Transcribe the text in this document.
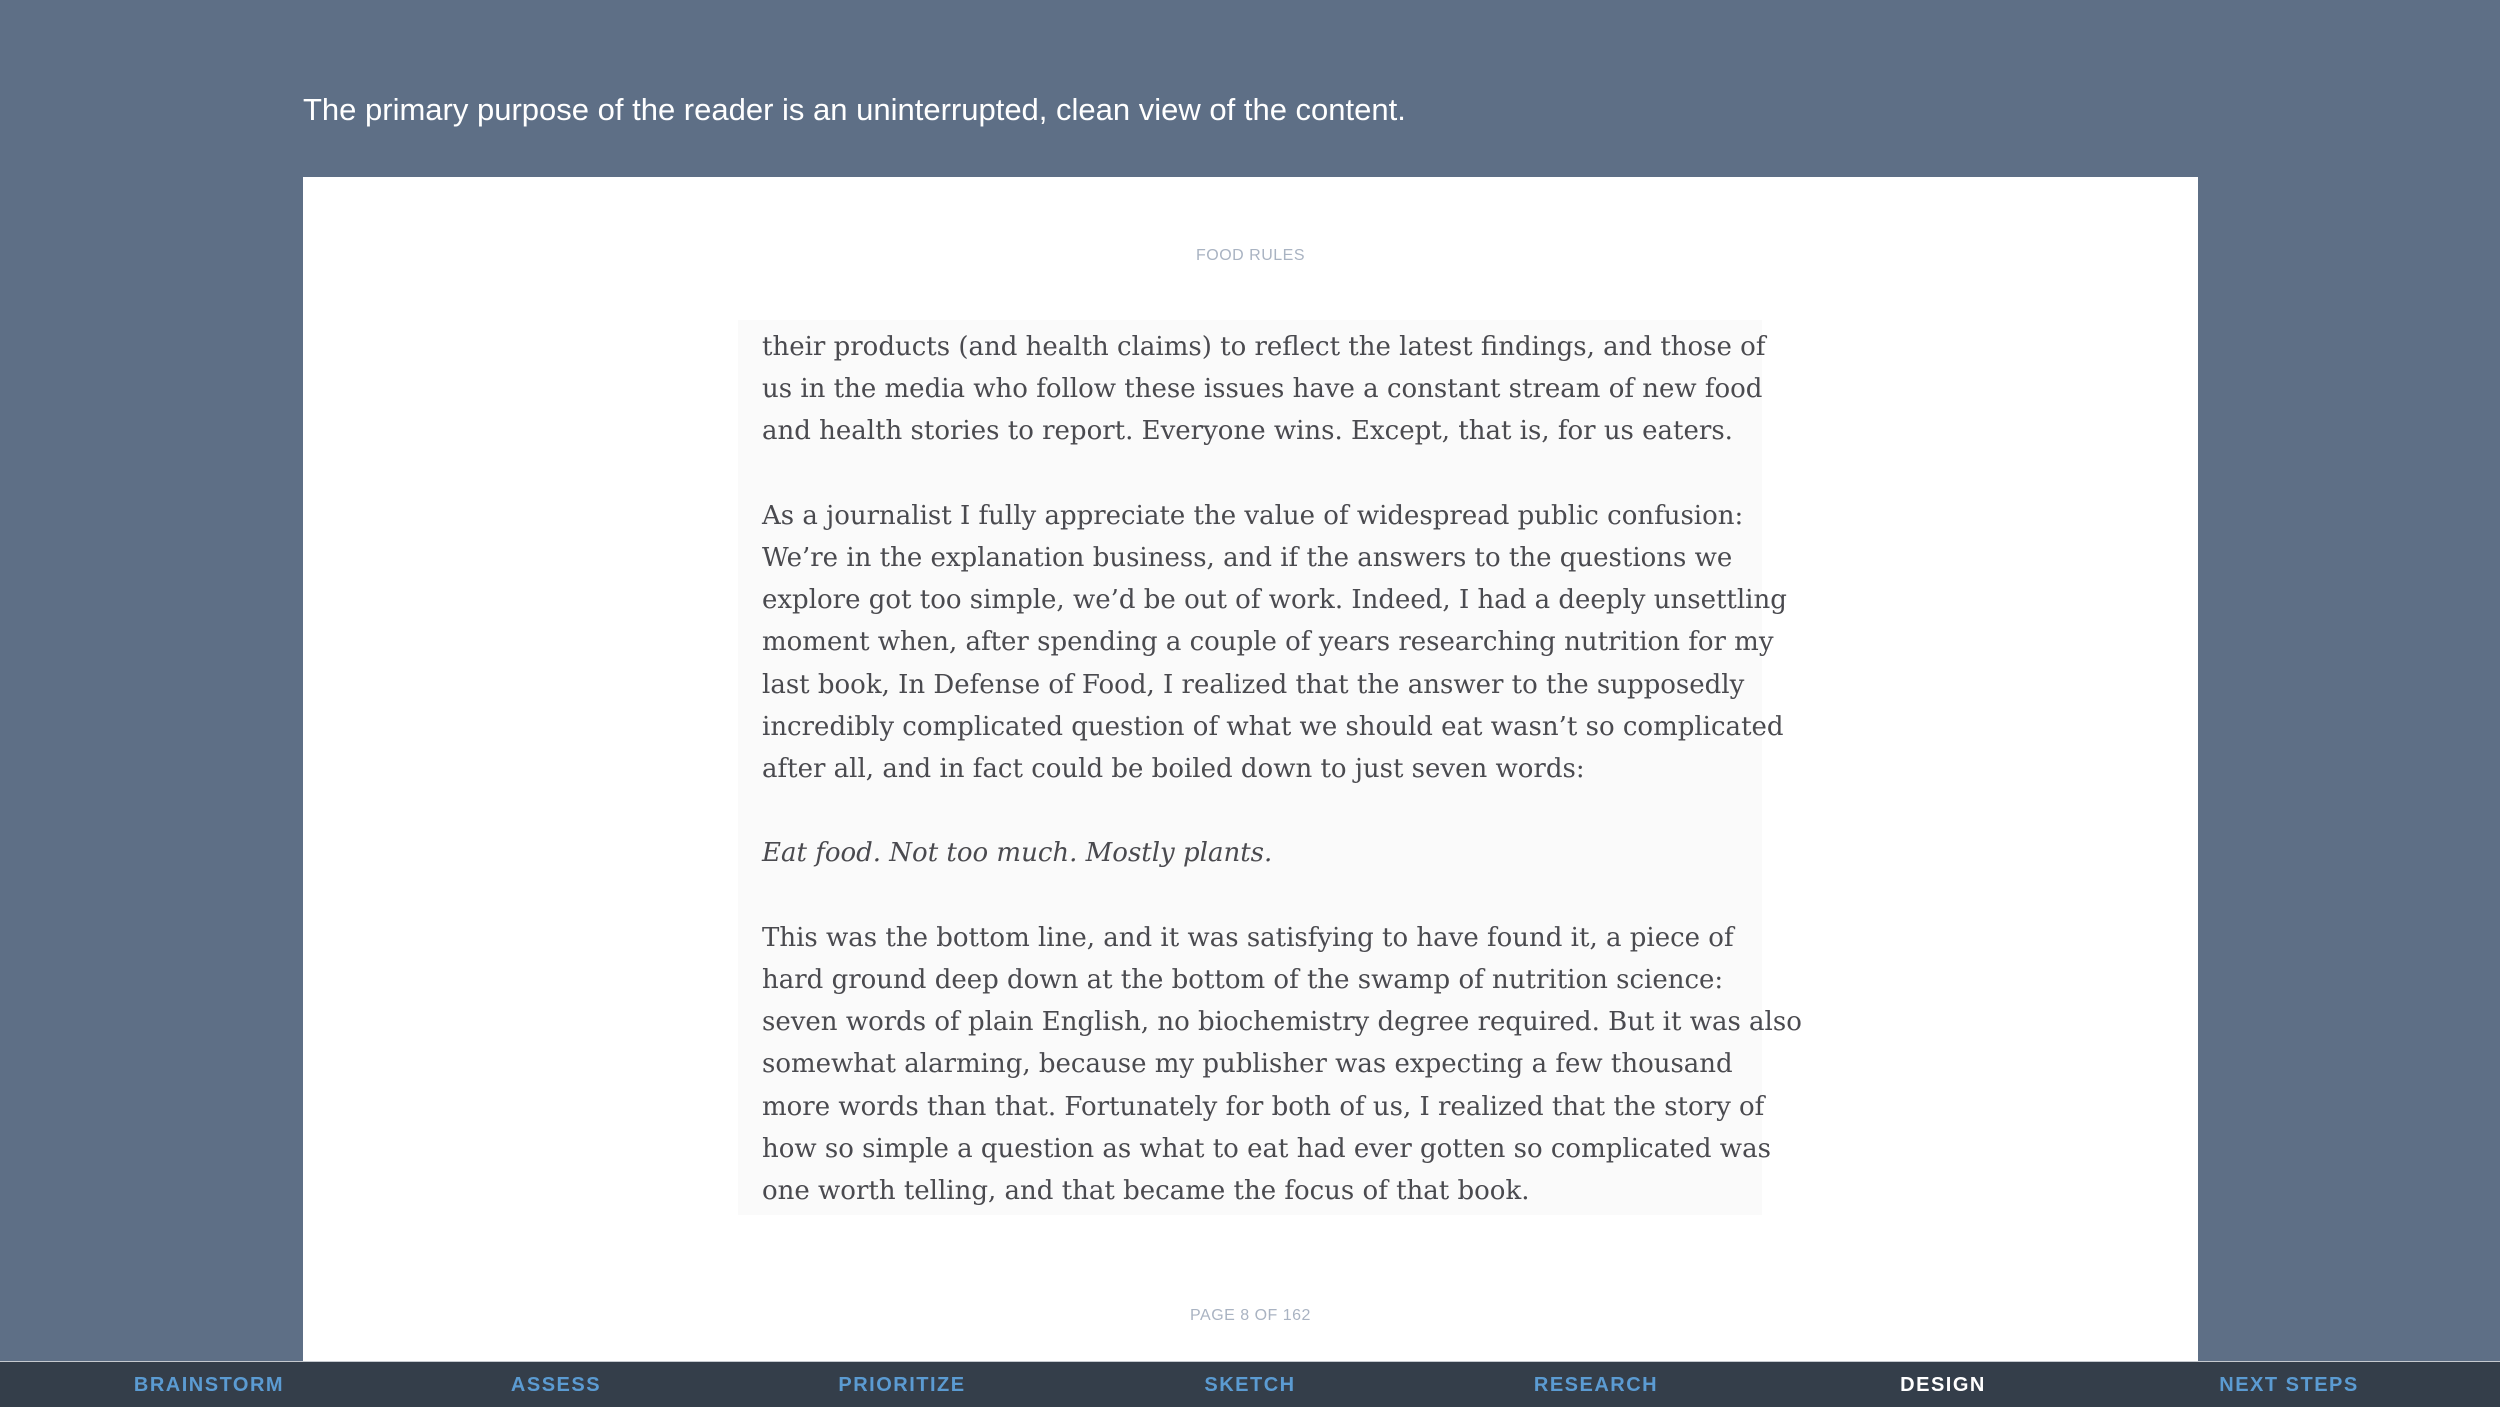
The primary purpose of the reader is an uninterrupted, clean view of the content.
FOOD RULES
their products (and health claims) to reflect the latest findings, and those of
us in the media who follow these issues have a constant stream of new food
and health stories to report. Everyone wins. Except, that is, for us eaters.
As a journalist I fully appreciate the value of widespread public confusion:
We’re in the explanation business, and if the answers to the questions we
explore got too simple, we’d be out of work. Indeed, I had a deeply unsettling
moment when, after spending a couple of years researching nutrition for my
last book, In Defense of Food, I realized that the answer to the supposedly
incredibly complicated question of what we should eat wasn’t so complicated
after all, and in fact could be boiled down to just seven words:
Eat food. Not too much. Mostly plants.
This was the bottom line, and it was satisfying to have found it, a piece of
hard ground deep down at the bottom of the swamp of nutrition science:
seven words of plain English, no biochemistry degree required. But it was also
somewhat alarming, because my publisher was expecting a few thousand
more words than that. Fortunately for both of us, I realized that the story of
how so simple a question as what to eat had ever gotten so complicated was
one worth telling, and that became the focus of that book.
PAGE 8 OF 162
BRAINSTORM	ASSESS	PRIORITIZE	SKETCH	RESEARCH	DESIGN	NEXT STEPS
